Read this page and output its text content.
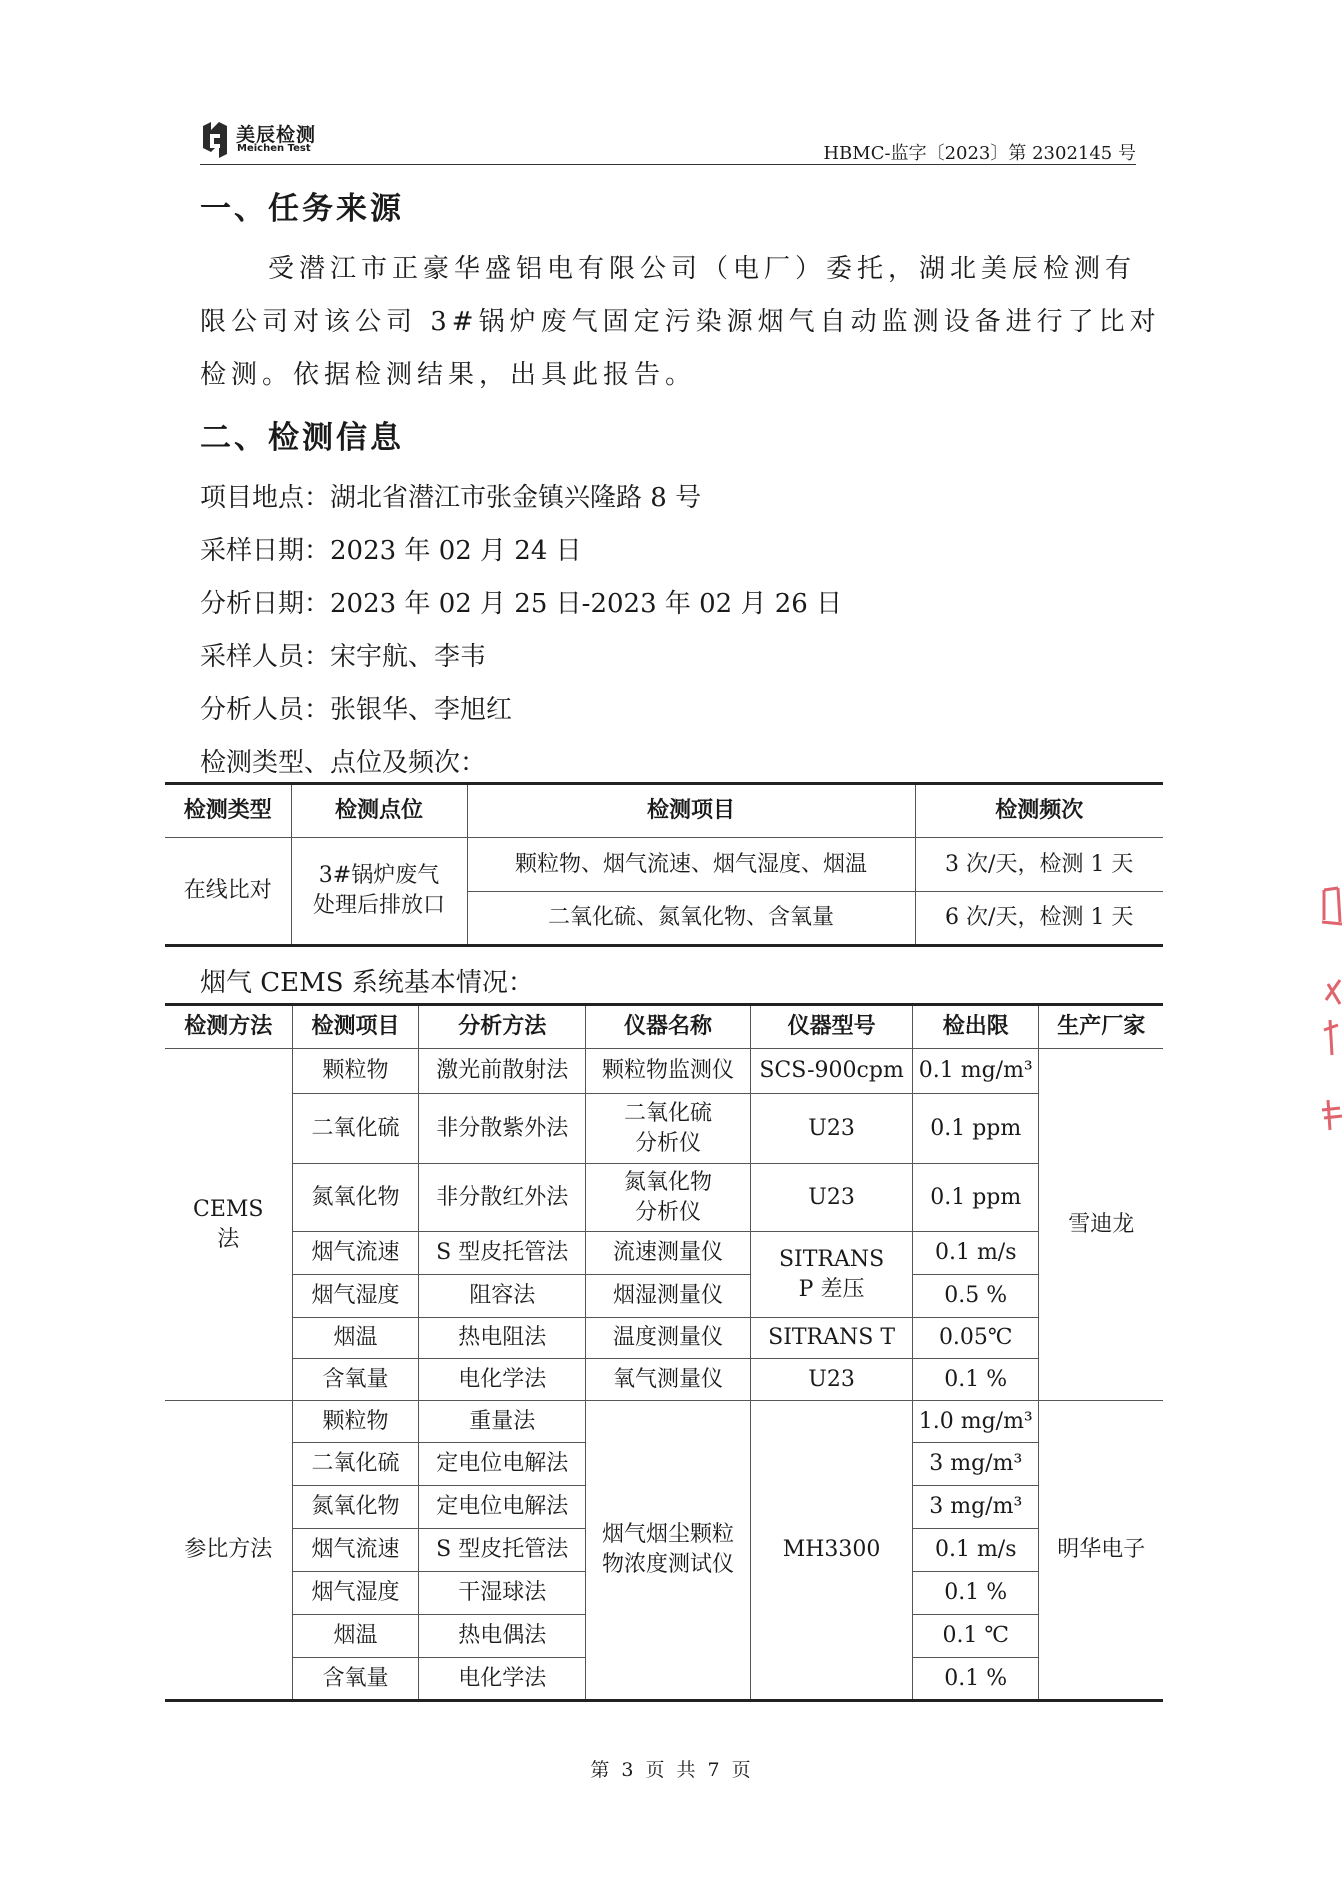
美辰检测
Meichen Test	HBMC-监字〔2023〕第 2302145 号
一、任务来源
受潜江市正豪华盛铝电有限公司（电厂）委托，湖北美辰检测有
限公司对该公司 3#锅炉废气固定污染源烟气自动监测设备进行了比对
检测。依据检测结果，出具此报告。
二、检测信息
项目地点：湖北省潜江市张金镇兴隆路 8 号
采样日期：2023 年 02 月 24 日
分析日期：2023 年 02 月 25 日-2023 年 02 月 26 日
采样人员：宋宇航、李韦
分析人员：张银华、李旭红
检测类型、点位及频次：
检测类型	检测点位	检测项目	检测频次
在线比对	3#锅炉废气处理后排放口	颗粒物、烟气流速、烟气湿度、烟温	3 次/天，检测 1 天
		二氧化硫、氮氧化物、含氧量	6 次/天，检测 1 天
烟气 CEMS 系统基本情况：
检测方法	检测项目	分析方法	仪器名称	仪器型号	检出限	生产厂家
CEMS 法	颗粒物	激光前散射法	颗粒物监测仪	SCS-900cpm	0.1 mg/m³	雪迪龙
	二氧化硫	非分散紫外法	二氧化硫分析仪	U23	0.1 ppm	
	氮氧化物	非分散红外法	氮氧化物分析仪	U23	0.1 ppm	
	烟气流速	S 型皮托管法	流速测量仪	SITRANS P 差压	0.1 m/s	
	烟气湿度	阻容法	烟湿测量仪		0.5 %	
	烟温	热电阻法	温度测量仪	SITRANS T	0.05℃	
	含氧量	电化学法	氧气测量仪	U23	0.1 %	
参比方法	颗粒物	重量法	烟气烟尘颗粒物浓度测试仪	MH3300	1.0 mg/m³	明华电子
	二氧化硫	定电位电解法			3 mg/m³	
	氮氧化物	定电位电解法			3 mg/m³	
	烟气流速	S 型皮托管法			0.1 m/s	
	烟气湿度	干湿球法			0.1 %	
	烟温	热电偶法			0.1 ℃	
	含氧量	电化学法			0.1 %	
第 3 页 共 7 页
